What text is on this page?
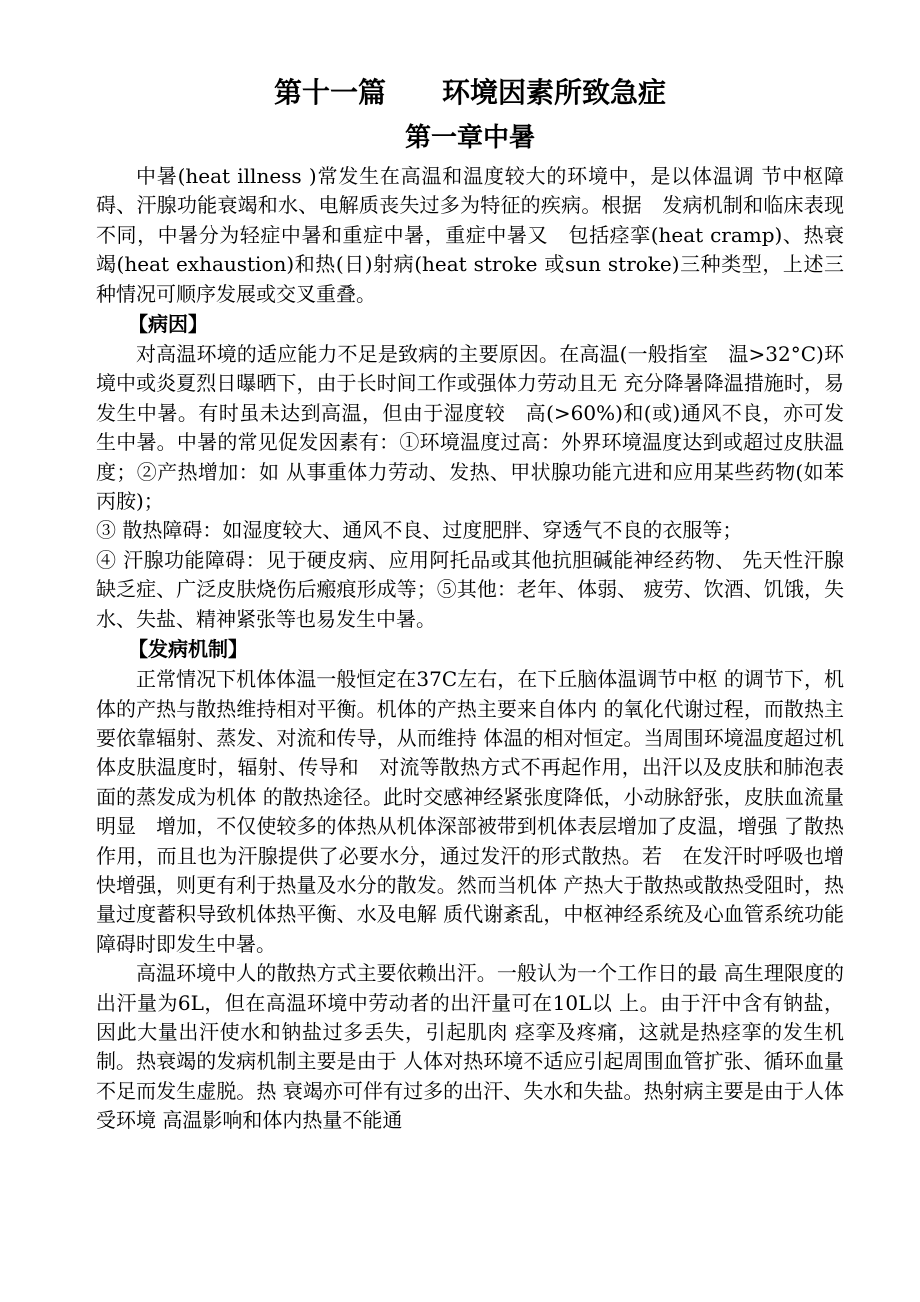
第十一篇　　环境因素所致急症
第一章中暑

中暑(heat illness )常发生在高温和温度较大的环境中，是以体温调 节中枢障碍、汗腺功能衰竭和水、电解质丧失过多为特征的疾病。根据　发病机制和临床表现不同，中暑分为轻症中暑和重症中暑，重症中暑又　包括痉挛(heat cramp)、热衰竭(heat exhaustion)和热(日)射病(heat stroke 或sun stroke)三种类型，上述三种情况可顺序发展或交叉重叠。

【病因】

对高温环境的适应能力不足是致病的主要原因。在高温(一般指室　温>32°C)环境中或炎夏烈日曝晒下，由于长时间工作或强体力劳动且无 充分降暑降温措施时，易发生中暑。有时虽未达到高温，但由于湿度较　高(>60%)和(或)通风不良，亦可发生中暑。中暑的常见促发因素有：①环境温度过高：外界环境温度达到或超过皮肤温度；②产热增加：如 从事重体力劳动、发热、甲状腺功能亢进和应用某些药物(如苯丙胺)；

③ 散热障碍：如湿度较大、通风不良、过度肥胖、穿透气不良的衣服等；

④ 汗腺功能障碍：见于硬皮病、应用阿托品或其他抗胆碱能神经药物、 先天性汗腺缺乏症、广泛皮肤烧伤后瘢痕形成等；⑤其他：老年、体弱、 疲劳、饮酒、饥饿，失水、失盐、精神紧张等也易发生中暑。

【发病机制】

正常情况下机体体温一般恒定在37C左右，在下丘脑体温调节中枢 的调节下，机体的产热与散热维持相对平衡。机体的产热主要来自体内 的氧化代谢过程，而散热主要依靠辐射、蒸发、对流和传导，从而维持 体温的相对恒定。当周围环境温度超过机体皮肤温度时，辐射、传导和　对流等散热方式不再起作用，出汗以及皮肤和肺泡表面的蒸发成为机体 的散热途径。此时交感神经紧张度降低，小动脉舒张，皮肤血流量明显　增加，不仅使较多的体热从机体深部被带到机体表层增加了皮温，增强 了散热作用，而且也为汗腺提供了必要水分，通过发汗的形式散热。若　在发汗时呼吸也增快增强，则更有利于热量及水分的散发。然而当机体 产热大于散热或散热受阻时，热量过度蓄积导致机体热平衡、水及电解 质代谢紊乱，中枢神经系统及心血管系统功能障碍时即发生中暑。

高温环境中人的散热方式主要依赖出汗。一般认为一个工作日的最 高生理限度的出汗量为6L，但在高温环境中劳动者的出汗量可在10L以 上。由于汗中含有钠盐，因此大量出汗使水和钠盐过多丢失，引起肌肉 痉挛及疼痛，这就是热痉挛的发生机制。热衰竭的发病机制主要是由于 人体对热环境不适应引起周围血管扩张、循环血量不足而发生虚脱。热 衰竭亦可伴有过多的出汗、失水和失盐。热射病主要是由于人体受环境 高温影响和体内热量不能通
